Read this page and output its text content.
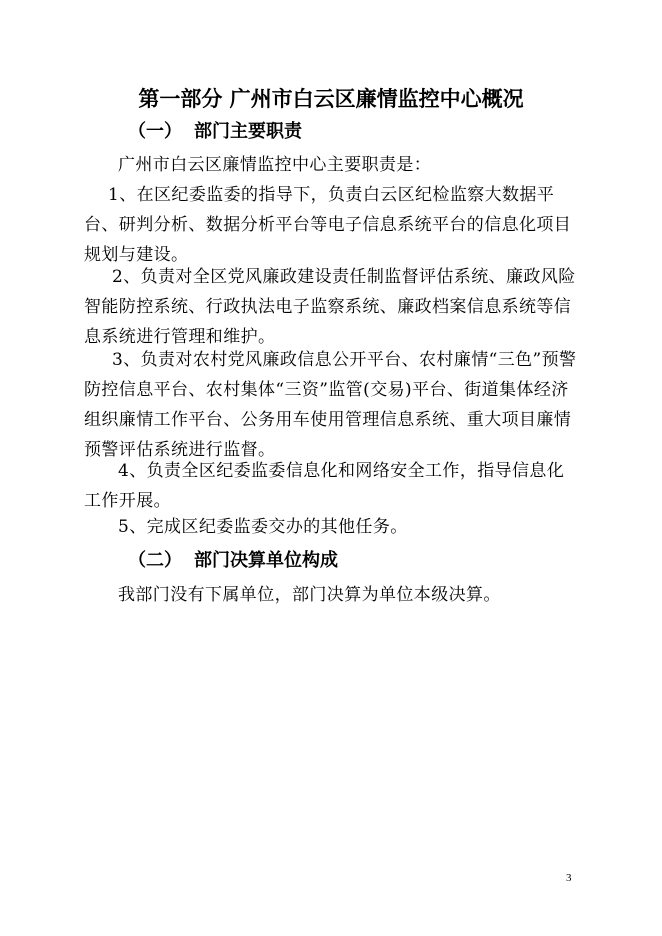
第一部分 广州市白云区廉情监控中心概况
（一） 部门主要职责
广州市白云区廉情监控中心主要职责是：
1、在区纪委监委的指导下，负责白云区纪检监察大数据平台、研判分析、数据分析平台等电子信息系统平台的信息化项目规划与建设。
2、负责对全区党风廉政建设责任制监督评估系统、廉政风险智能防控系统、行政执法电子监察系统、廉政档案信息系统等信息系统进行管理和维护。
3、负责对农村党风廉政信息公开平台、农村廉情“三色”预警防控信息平台、农村集体“三资”监管(交易)平台、街道集体经济组织廉情工作平台、公务用车使用管理信息系统、重大项目廉情预警评估系统进行监督。
4、负责全区纪委监委信息化和网络安全工作，指导信息化工作开展。
5、完成区纪委监委交办的其他任务。
（二） 部门决算单位构成
我部门没有下属单位，部门决算为单位本级决算。
3
